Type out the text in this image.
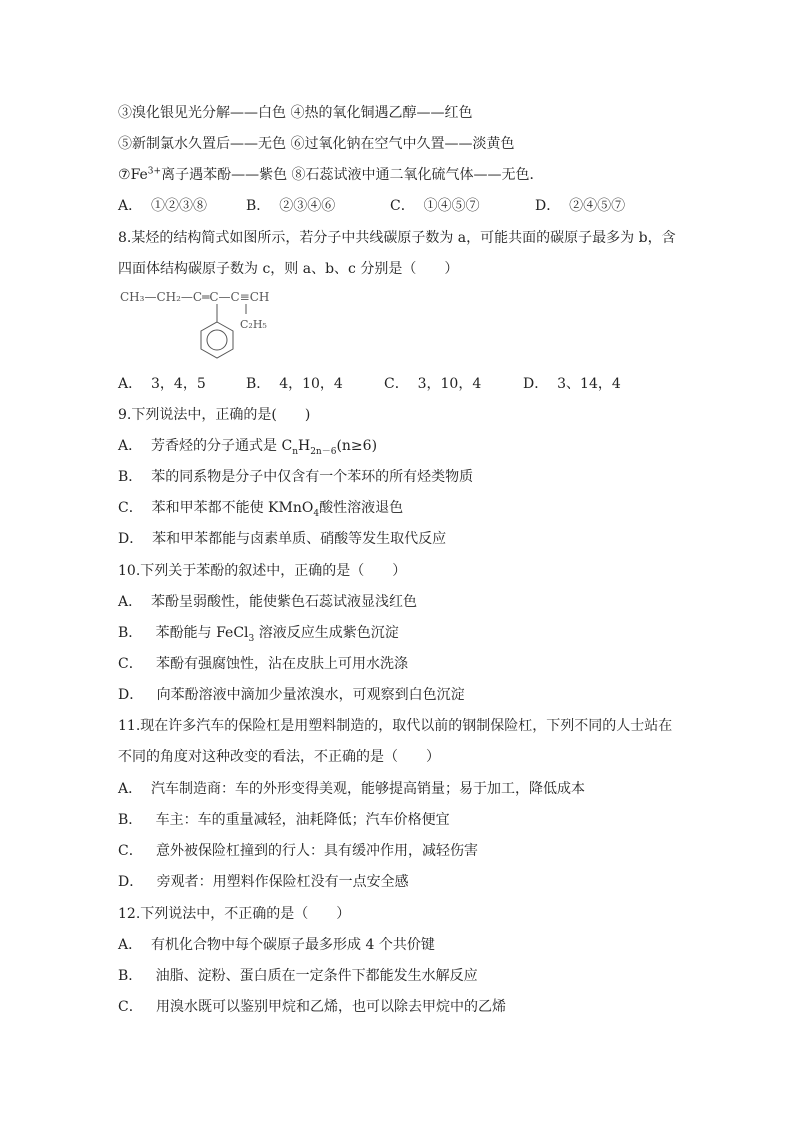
③溴化银见光分解——白色 ④热的氧化铜遇乙醇——红色
⑤新制氯水久置后——无色 ⑥过氧化钠在空气中久置——淡黄色
$⑦Fe^{3+}$离子遇苯酚——紫色 ⑧石蕊试液中通二氧化硫气体——无色．
A．  ①②③⑧	B．  ②③④⑥	C．  ①④⑤⑦	D．  ②④⑤⑦
8.某烃的结构简式如图所示，若分子中共线碳原子数为 a，可能共面的碳原子最多为 b，含
四面体结构碳原子数为 c，则 a、b、c 分别是（　　）
CH₃—CH₂—C═C—C≡CH
C₂H₅
A．  3，4，5	B．  4，10，4	C．  3，10，4	D．  3、14，4
9.下列说法中，正确的是(　　)
A．  芳香烃的分子通式是 $C_nH_{2n-6}(n\ge 6)$
B．  苯的同系物是分子中仅含有一个苯环的所有烃类物质
C．  苯和甲苯都不能使 KMnO$_4$酸性溶液退色
D．  苯和甲苯都能与卤素单质、硝酸等发生取代反应
10.下列关于苯酚的叙述中，正确的是（　　）
A．  苯酚呈弱酸性，能使紫色石蕊试液显浅红色
B．   苯酚能与 FeCl$_3$ 溶液反应生成紫色沉淀
C．   苯酚有强腐蚀性，沾在皮肤上可用水洗涤
D．   向苯酚溶液中滴加少量浓溴水，可观察到白色沉淀
11.现在许多汽车的保险杠是用塑料制造的，取代以前的钢制保险杠，下列不同的人士站在
不同的角度对这种改变的看法，不正确的是（　　）
A．  汽车制造商：车的外形变得美观，能够提高销量；易于加工，降低成本
B．   车主：车的重量减轻，油耗降低；汽车价格便宜
C．   意外被保险杠撞到的行人：具有缓冲作用，减轻伤害
D．   旁观者：用塑料作保险杠没有一点安全感
12.下列说法中，不正确的是（　　）
A．  有机化合物中每个碳原子最多形成 4 个共价键
B．   油脂、淀粉、蛋白质在一定条件下都能发生水解反应
C．   用溴水既可以鉴别甲烷和乙烯，也可以除去甲烷中的乙烯
